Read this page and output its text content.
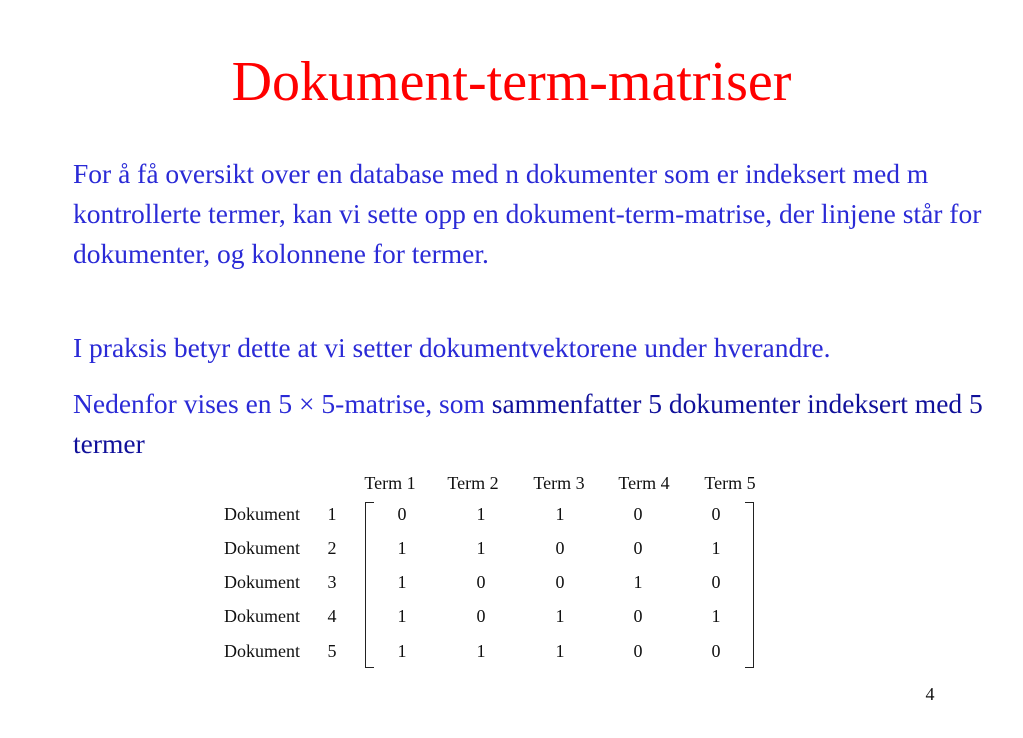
Dokument-term-matriser
For å få oversikt over en database med n dokumenter som er indeksert med m kontrollerte termer, kan vi sette opp en dokument-term-matrise, der linjene står for dokumenter, og kolonnene for termer.
I praksis betyr dette at vi setter dokumentvektorene under hverandre.
Nedenfor vises en 5 × 5-matrise, som sammenfatter 5 dokumenter indeksert med 5 termer
Term 1	Term 2	Term 3	Term 4	Term 5
Dokument	1	0	1	1	0	0
Dokument	2	1	1	0	0	1
Dokument	3	1	0	0	1	0
Dokument	4	1	0	1	0	1
Dokument	5	1	1	1	0	0
4
